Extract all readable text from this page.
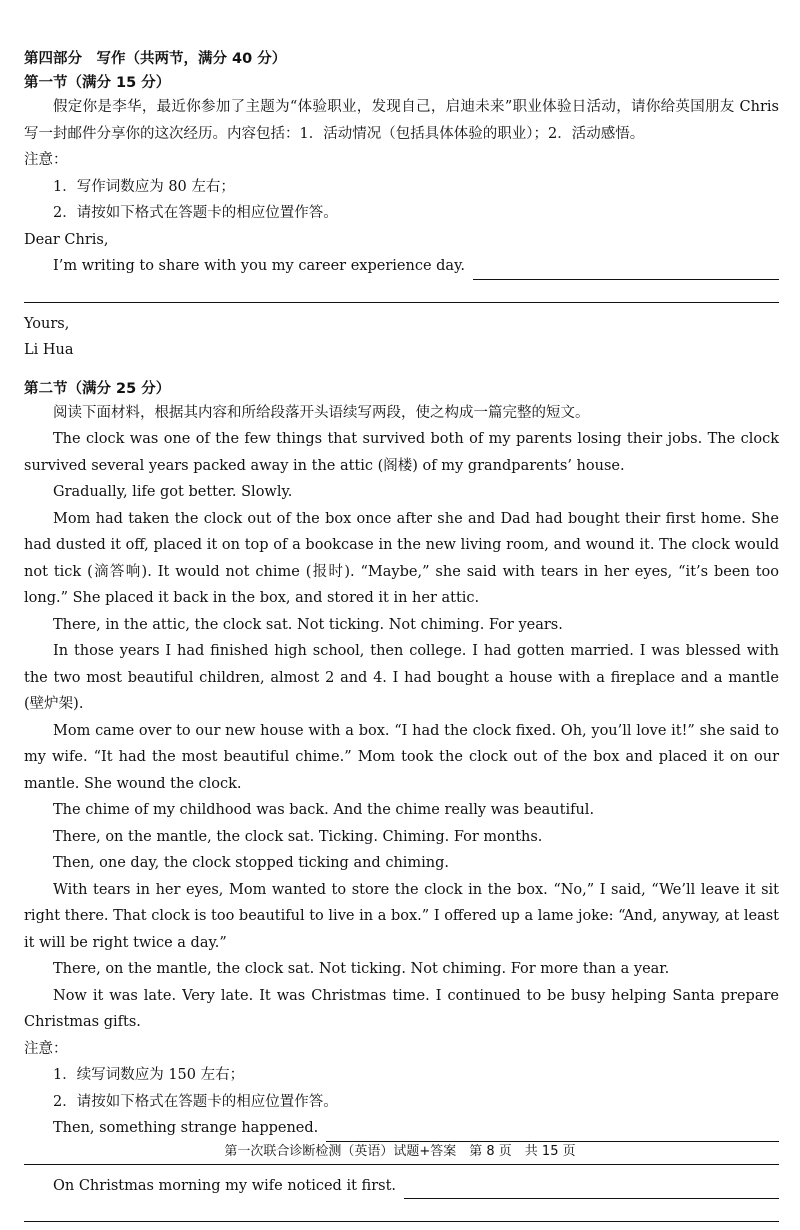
第四部分　写作（共两节，满分 40 分）
第一节（满分 15 分）
假定你是李华，最近你参加了主题为“体验职业，发现自己，启迪未来”职业体验日活动，请你给英国朋友 Chris 写一封邮件分享你的这次经历。内容包括：1．活动情况（包括具体体验的职业）；2．活动感悟。
注意：
1．写作词数应为 80 左右；
2．请按如下格式在答题卡的相应位置作答。
Dear Chris,
I’m writing to share with you my career experience day.
Yours,
Li Hua
第二节（满分 25 分）
阅读下面材料，根据其内容和所给段落开头语续写两段，使之构成一篇完整的短文。
The clock was one of the few things that survived both of my parents losing their jobs. The clock survived several years packed away in the attic (阁楼) of my grandparents’ house.
Gradually, life got better. Slowly.
Mom had taken the clock out of the box once after she and Dad had bought their first home. She had dusted it off, placed it on top of a bookcase in the new living room, and wound it. The clock would not tick (滴答响). It would not chime (报时). “Maybe,” she said with tears in her eyes, “it’s been too long.” She placed it back in the box, and stored it in her attic.
There, in the attic, the clock sat. Not ticking. Not chiming. For years.
In those years I had finished high school, then college. I had gotten married. I was blessed with the two most beautiful children, almost 2 and 4. I had bought a house with a fireplace and a mantle (壁炉架).
Mom came over to our new house with a box. “I had the clock fixed. Oh, you’ll love it!” she said to my wife. “It had the most beautiful chime.” Mom took the clock out of the box and placed it on our mantle. She wound the clock.
The chime of my childhood was back. And the chime really was beautiful.
There, on the mantle, the clock sat. Ticking. Chiming. For months.
Then, one day, the clock stopped ticking and chiming.
With tears in her eyes, Mom wanted to store the clock in the box. “No,” I said, “We’ll leave it sit right there. That clock is too beautiful to live in a box.” I offered up a lame joke: “And, anyway, at least it will be right twice a day.”
There, on the mantle, the clock sat. Not ticking. Not chiming. For more than a year.
Now it was late. Very late. It was Christmas time. I continued to be busy helping Santa prepare Christmas gifts.
注意：
1．续写词数应为 150 左右；
2．请按如下格式在答题卡的相应位置作答。
Then, something strange happened.
On Christmas morning my wife noticed it first.
第一次联合诊断检测（英语）试题+答案　第 8 页　共 15 页
